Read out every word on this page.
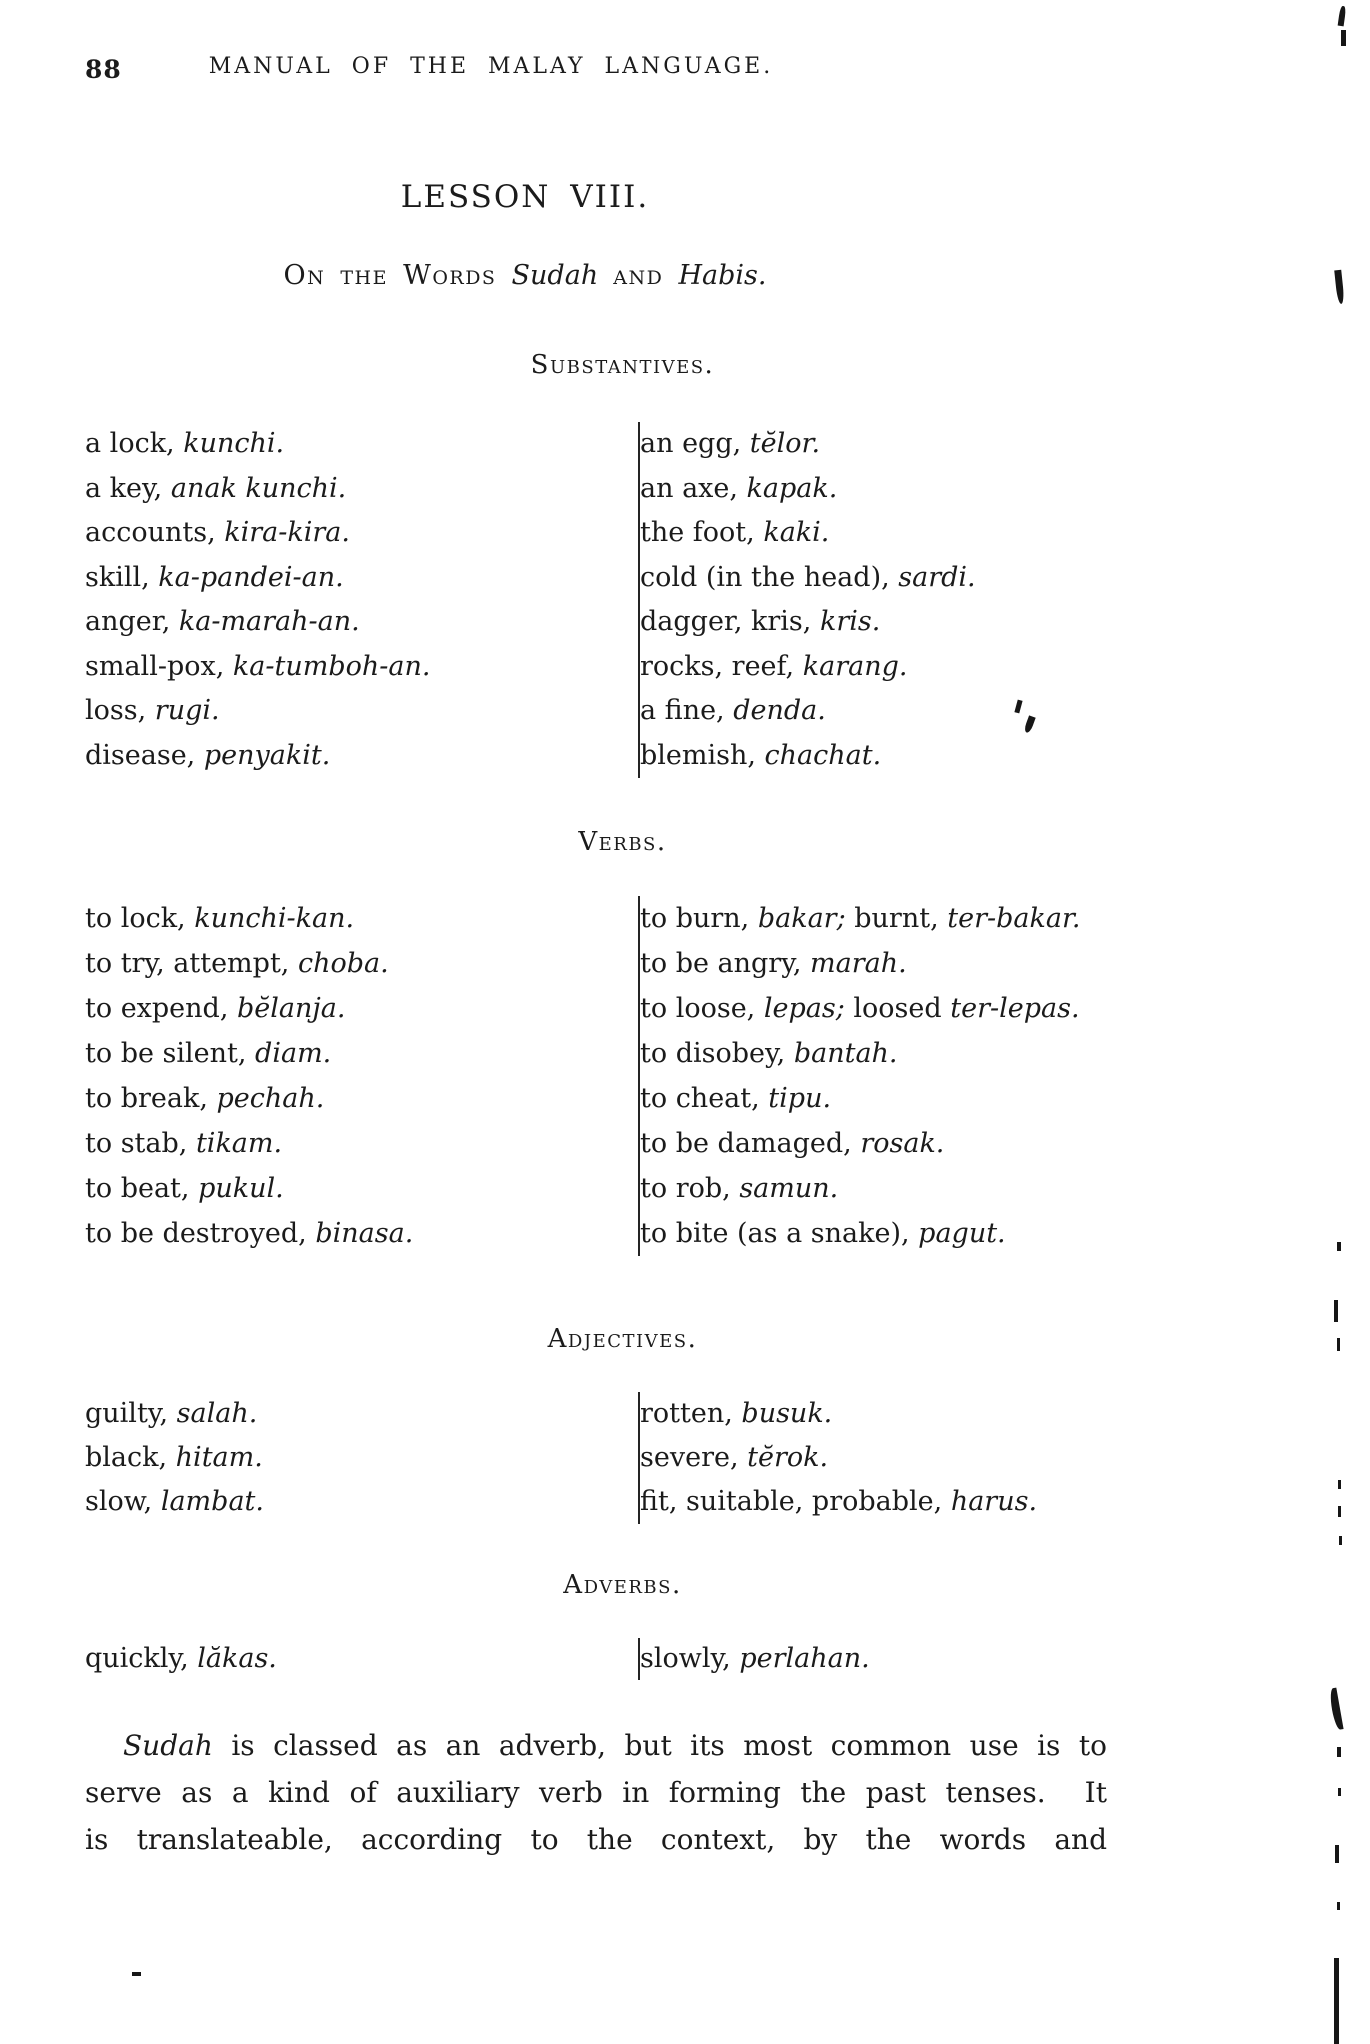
88	MANUAL OF THE MALAY LANGUAGE.
LESSON VIII.
On the Words Sudah and Habis.
Substantives.
a lock, kunchi.
a key, anak kunchi.
accounts, kira-kira.
skill, ka-pandei-an.
anger, ka-marah-an.
small-pox, ka-tumboh-an.
loss, rugi.
disease, penyakit.
an egg, tĕlor.
an axe, kapak.
the foot, kaki.
cold (in the head), sardi.
dagger, kris, kris.
rocks, reef, karang.
a fine, denda.
blemish, chachat.
Verbs.
to lock, kunchi-kan.
to try, attempt, choba.
to expend, bĕlanja.
to be silent, diam.
to break, pechah.
to stab, tikam.
to beat, pukul.
to be destroyed, binasa.
to burn, bakar; burnt, ter-bakar.
to be angry, marah.
to loose, lepas; loosed ter-lepas.
to disobey, bantah.
to cheat, tipu.
to be damaged, rosak.
to rob, samun.
to bite (as a snake), pagut.
Adjectives.
guilty, salah.
black, hitam.
slow, lambat.
rotten, busuk.
severe, tĕrok.
fit, suitable, probable, harus.
Adverbs.
quickly, lăkas.	slowly, perlahan.
Sudah is classed as an adverb, but its most common use is to
serve as a kind of auxiliary verb in forming the past tenses.  It
is translateable, according to the context, by the words and
